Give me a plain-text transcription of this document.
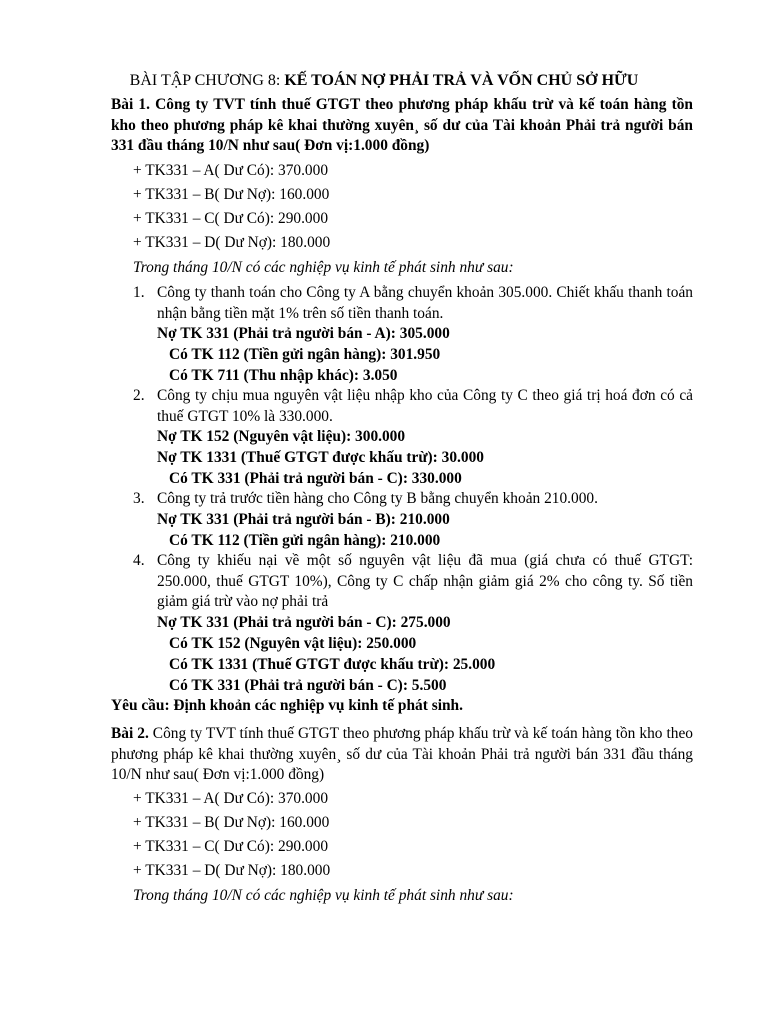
BÀI TẬP CHƯƠNG 8: KẾ TOÁN NỢ PHẢI TRẢ VÀ VỐN CHỦ SỞ HỮU
Bài 1. Công ty TVT tính thuế GTGT theo phương pháp khấu trừ và kế toán hàng tồn kho theo phương pháp kê khai thường xuyên¸ số dư của Tài khoản Phải trả người bán 331 đầu tháng 10/N như sau( Đơn vị:1.000 đồng)
+ TK331 – A( Dư Có): 370.000
+ TK331 – B( Dư Nợ): 160.000
+ TK331 – C( Dư Có): 290.000
+ TK331 – D( Dư Nợ): 180.000
Trong tháng 10/N có các nghiệp vụ kinh tế phát sinh như sau:
1. Công ty thanh toán cho Công ty A bằng chuyển khoản 305.000. Chiết khấu thanh toán nhận bằng tiền mặt 1% trên số tiền thanh toán.
Nợ TK 331 (Phải trả người bán - A): 305.000
Có TK 112 (Tiền gửi ngân hàng): 301.950
Có TK 711 (Thu nhập khác): 3.050
2. Công ty chịu mua nguyên vật liệu nhập kho của Công ty C theo giá trị hoá đơn có cả thuế GTGT 10% là 330.000.
Nợ TK 152 (Nguyên vật liệu): 300.000
Nợ TK 1331 (Thuế GTGT được khấu trừ): 30.000
Có TK 331 (Phải trả người bán - C): 330.000
3. Công ty trả trước tiền hàng cho Công ty B bằng chuyển khoản 210.000.
Nợ TK 331 (Phải trả người bán - B): 210.000
Có TK 112 (Tiền gửi ngân hàng): 210.000
4. Công ty khiếu nại về một số nguyên vật liệu đã mua (giá chưa có thuế GTGT: 250.000, thuế GTGT 10%), Công ty C chấp nhận giảm giá 2% cho công ty. Số tiền giảm giá trừ vào nợ phải trả
Nợ TK 331 (Phải trả người bán - C): 275.000
Có TK 152 (Nguyên vật liệu): 250.000
Có TK 1331 (Thuế GTGT được khấu trừ): 25.000
Có TK 331 (Phải trả người bán - C): 5.500
Yêu cầu: Định khoản các nghiệp vụ kinh tế phát sinh.
Bài 2. Công ty TVT tính thuế GTGT theo phương pháp khấu trừ và kế toán hàng tồn kho theo phương pháp kê khai thường xuyên¸ số dư của Tài khoản Phải trả người bán 331 đầu tháng 10/N như sau( Đơn vị:1.000 đồng)
+ TK331 – A( Dư Có): 370.000
+ TK331 – B( Dư Nợ): 160.000
+ TK331 – C( Dư Có): 290.000
+ TK331 – D( Dư Nợ): 180.000
Trong tháng 10/N có các nghiệp vụ kinh tế phát sinh như sau:
